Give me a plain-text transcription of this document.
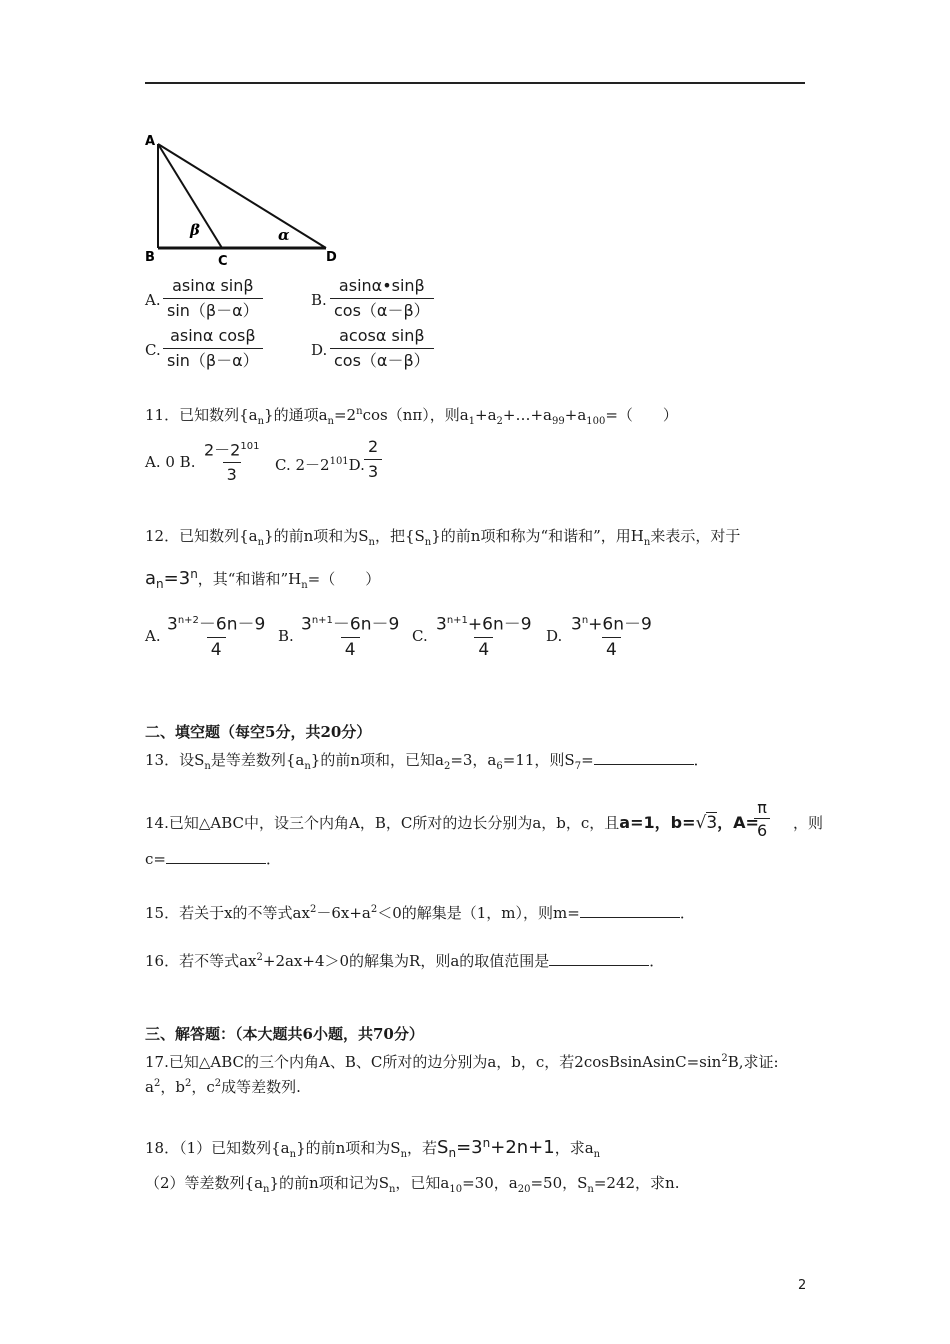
A
B	C	D
β	α
A. $\frac{\text{asinα sinβ}}{\sin(\beta-\alpha)}$	B. $\frac{asin\alpha•\sin\beta}{\cos(\alpha-\beta)}$
C. $\frac{\text{asinα cosβ}}{\sin(\beta-\alpha)}$	D. $\frac{\text{acosα sinβ}}{\cos(\alpha-\beta)}$
11．已知数列$\{a_n\}$的通项$a_n=2^n\cos(n\pi)$，则$a_1+a_2+\dots+a_{99}+a_{100}=$（　　）
A. 0 B. $\frac{2-2^{101}}{3} C$. $2-2^{101}D$. $\frac{2}{3}$
12．已知数列$\{a_n\}$的前n项和为$S_n$，把$\{S_n\}$的前n项和称为“和谐和”，用$H_n$来表示，对于
$a_n=3^n$，其“和谐和$”H_n=$（　　）
A. $\frac{3^{n+2}-6n-9}{4} B$. $\frac{3^{n+1}-6n-9}{4} C$. $\frac{3^{n+1}+6n-9}{4} D$. $\frac{3^n+6n-9}{4}$
二、填空题（每空5分，共20分）
13．设$S_n$是等差数列$\{a_n\}$的前n项和，已知$a_2=3$，$a_6=11$，则$S_7=$	．
14.已知△ABC中，设三个内角A，B，C所对的边长分别为a，b，c，且a=1，b=√3，A= ，则
$\frac{\pi}{6}$
c=	．
15．若关于x的不等式$ax^2-6x+a^2<0$的解集是（1，m），则m=	．
16．若不等式$ax^2+2ax+4>0$的解集为R，则a的取值范围是	．
三、解答题：（本大题共6小题，共70分）
17.已知△ABC的三个内角A、B、C所对的边分别为a，b，c，若$2cosBsinAsinC=\sin^2B$,求证:
$a^2$，$b^2$，$c^2$成等差数列.
18．（1）已知数列$\{a_n\}$的前n项和为$S_n$，若$S_n=3^n+2n+1$，求$a_n$
（2）等差数列$\{a_n\}$的前n项和记为$S_n$，已知$a_{10}=30$，$a_{20}=50$，$S_n=242$，求n.
2
